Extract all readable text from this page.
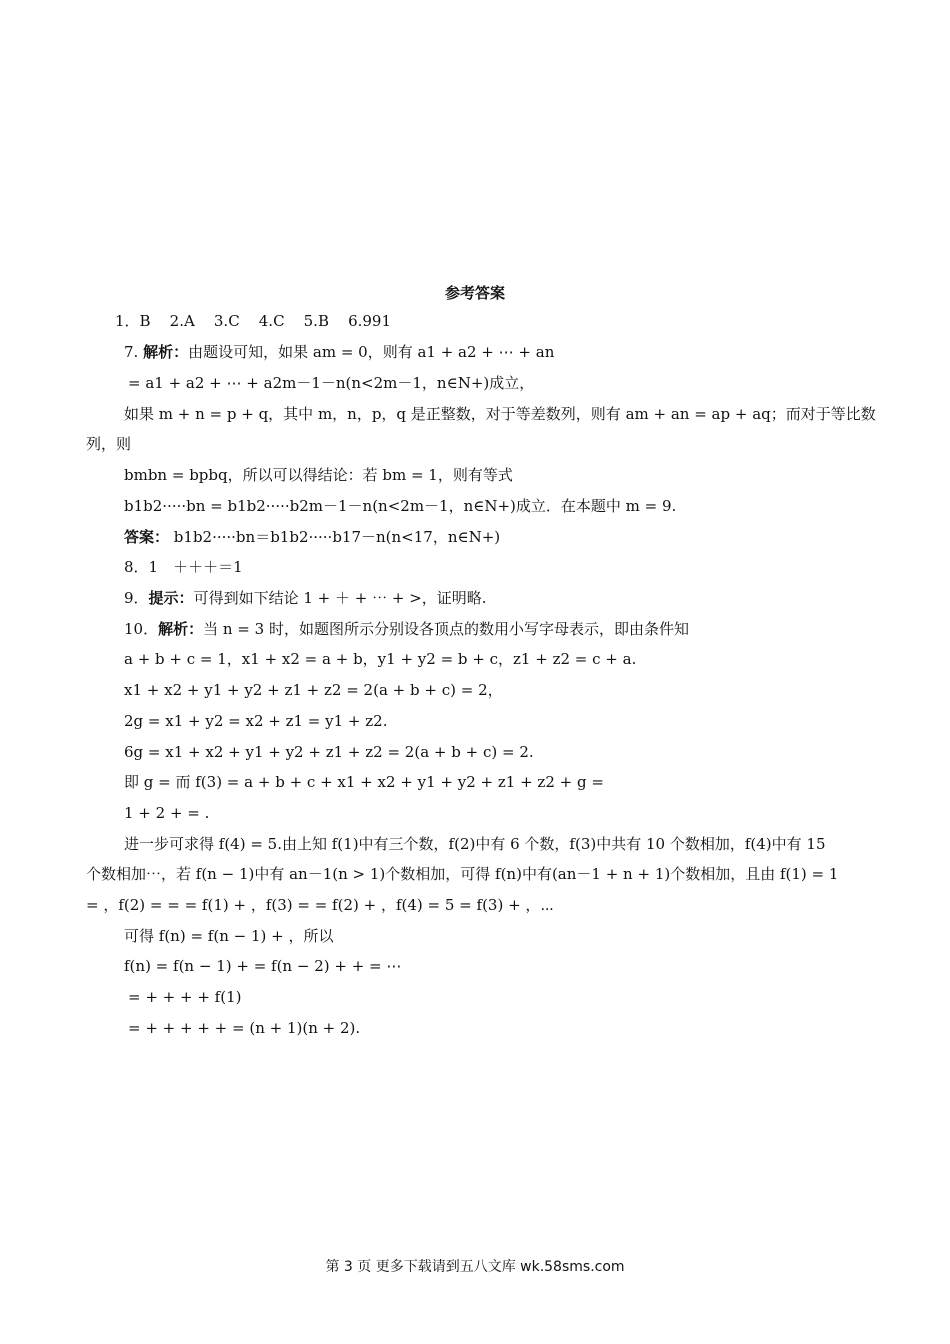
参考答案
1．B 2.A 3.C 4.C 5.B 6.991
7. 解析：由题设可知，如果 am = 0，则有 a1 + a2 + ⋯ + an
= a1 + a2 + ⋯ + a2m－1－n(n<2m－1，n∈N+)成立，
如果 m + n = p + q，其中 m，n，p，q 是正整数，对于等差数列，则有 am + an = ap + aq；而对于等比数
列，则
bmbn = bpbq，所以可以得结论：若 bm = 1，则有等式
b1b2·····bn = b1b2·····b2m－1－n(n<2m－1，n∈N+)成立．在本题中 m = 9.
答案： b1b2·····bn＝b1b2·····b17－n(n<17，n∈N+)
8．1　＋＋＋＝1
9．提示：可得到如下结论 1 + ＋ + ⋯ + >，证明略.
10．解析：当 n = 3 时，如题图所示分别设各顶点的数用小写字母表示，即由条件知
a + b + c = 1，x1 + x2 = a + b，y1 + y2 = b + c，z1 + z2 = c + a.
x1 + x2 + y1 + y2 + z1 + z2 = 2(a + b + c) = 2，
2g = x1 + y2 = x2 + z1 = y1 + z2.
6g = x1 + x2 + y1 + y2 + z1 + z2 = 2(a + b + c) = 2.
即 g = 而 f(3) = a + b + c + x1 + x2 + y1 + y2 + z1 + z2 + g =
1 + 2 + = .
进一步可求得 f(4) = 5.由上知 f(1)中有三个数，f(2)中有 6 个数，f(3)中共有 10 个数相加，f(4)中有 15
个数相加⋯，若 f(n − 1)中有 an－1(n > 1)个数相加，可得 f(n)中有(an－1 + n + 1)个数相加，且由 f(1) = 1
= ，f(2) = = = f(1) + ，f(3) = = f(2) + ，f(4) = 5 = f(3) + ，⋯
可得 f(n) = f(n − 1) + ，所以
f(n) = f(n − 1) + = f(n − 2) + + = ⋯
= + + + + f(1)
= + + + + + = (n + 1)(n + 2).
第 3 页 更多下载请到五八文库 wk.58sms.com
